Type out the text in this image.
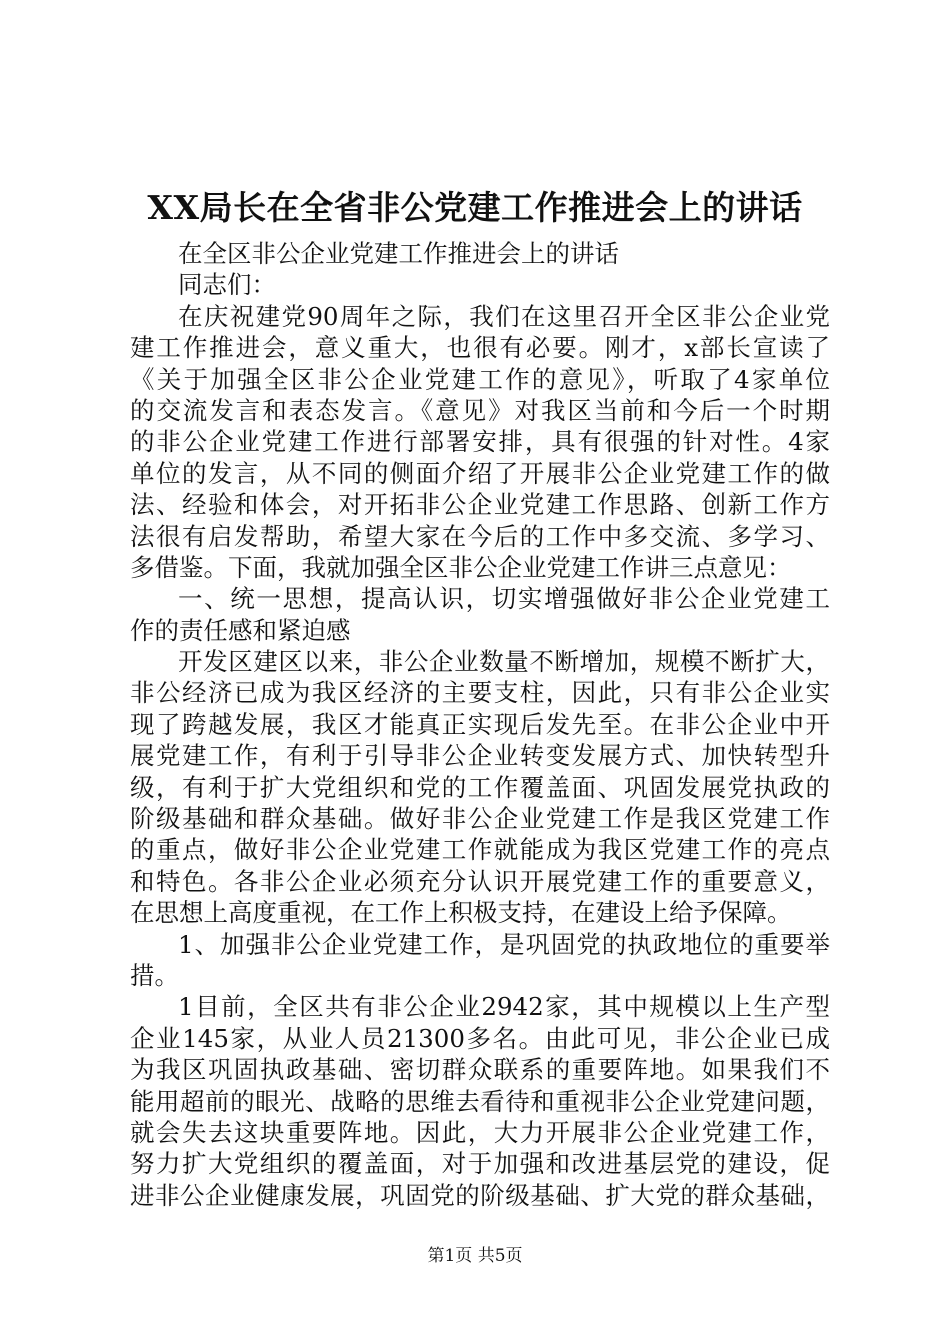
XX局长在全省非公党建工作推进会上的讲话
在全区非公企业党建工作推进会上的讲话
同志们：
在庆祝建党90周年之际，我们在这里召开全区非公企业党
建工作推进会，意义重大，也很有必要。刚才，x部长宣读了
《关于加强全区非公企业党建工作的意见》，听取了4家单位
的交流发言和表态发言。《意见》对我区当前和今后一个时期
的非公企业党建工作进行部署安排，具有很强的针对性。4家
单位的发言，从不同的侧面介绍了开展非公企业党建工作的做
法、经验和体会，对开拓非公企业党建工作思路、创新工作方
法很有启发帮助，希望大家在今后的工作中多交流、多学习、
多借鉴。下面，我就加强全区非公企业党建工作讲三点意见：
一、统一思想，提高认识，切实增强做好非公企业党建工
作的责任感和紧迫感
开发区建区以来，非公企业数量不断增加，规模不断扩大，
非公经济已成为我区经济的主要支柱，因此，只有非公企业实
现了跨越发展，我区才能真正实现后发先至。在非公企业中开
展党建工作，有利于引导非公企业转变发展方式、加快转型升
级，有利于扩大党组织和党的工作覆盖面、巩固发展党执政的
阶级基础和群众基础。做好非公企业党建工作是我区党建工作
的重点，做好非公企业党建工作就能成为我区党建工作的亮点
和特色。各非公企业必须充分认识开展党建工作的重要意义，
在思想上高度重视，在工作上积极支持，在建设上给予保障。
1、加强非公企业党建工作，是巩固党的执政地位的重要举
措。
1目前，全区共有非公企业2942家，其中规模以上生产型
企业145家，从业人员21300多名。由此可见，非公企业已成
为我区巩固执政基础、密切群众联系的重要阵地。如果我们不
能用超前的眼光、战略的思维去看待和重视非公企业党建问题，
就会失去这块重要阵地。因此，大力开展非公企业党建工作，
努力扩大党组织的覆盖面，对于加强和改进基层党的建设，促
进非公企业健康发展，巩固党的阶级基础、扩大党的群众基础，
第1页 共5页
